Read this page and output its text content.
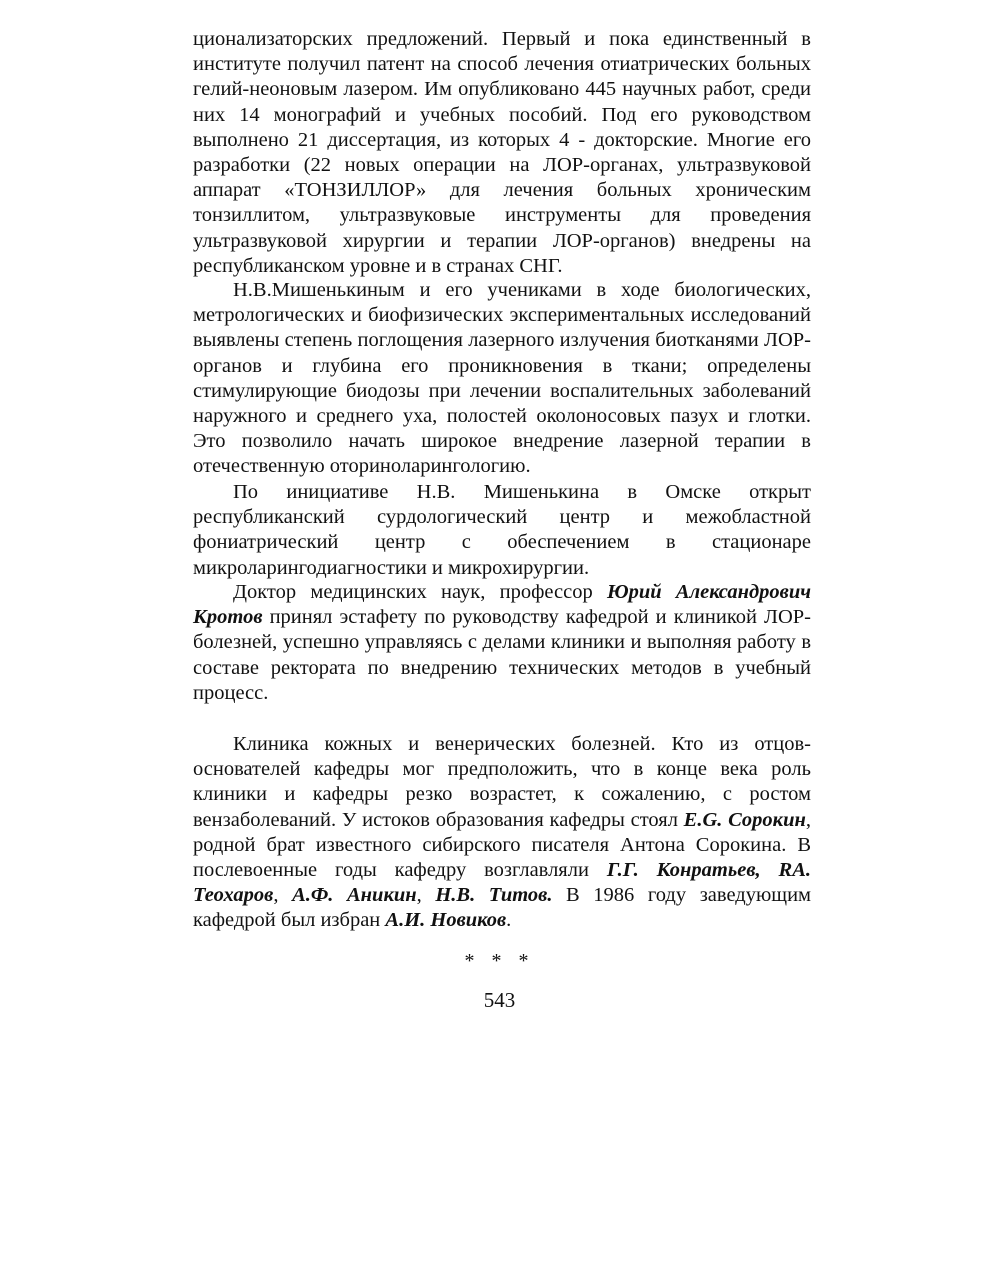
ционализаторских предложений. Первый и пока единственный в институте получил патент на способ лечения отиатрических больных гелий-неоновым лазером. Им опубликовано 445 научных работ, среди них 14 монографий и учебных пособий. Под его руководством выполнено 21 диссертация, из которых 4 - докторские. Многие его разработки (22 новых операции на ЛОР-органах, ультразвуковой аппарат «ТОНЗИЛЛОР» для лечения больных хроническим тонзиллитом, ультразвуковые инструменты для проведения ультразвуковой хирургии и терапии ЛОР-органов) внедрены на республиканском уровне и в странах СНГ.

Н.В.Мишенькиным и его учениками в ходе биологических, метрологических и биофизических экспериментальных исследований выявлены степень поглощения лазерного излучения биотканями ЛОР-органов и глубина его проникновения в ткани; определены стимулирующие биодозы при лечении воспалительных заболеваний наружного и среднего уха, полостей околоносовых пазух и глотки. Это позволило начать широкое внедрение лазерной терапии в отечественную оториноларингологию.

По инициативе Н.В. Мишенькина в Омске открыт республиканский сурдологический центр и межобластной фониатрический центр с обеспечением в стационаре микроларингодиагностики и микрохирургии.

Доктор медицинских наук, профессор Юрий Александрович Кротов принял эстафету по руководству кафедрой и клиникой ЛОР-болезней, успешно управляясь с делами клиники и выполняя работу в составе ректората по внедрению технических методов в учебный процесс.

Клиника кожных и венерических болезней. Кто из отцов-основателей кафедры мог предположить, что в конце века роль клиники и кафедры резко возрастет, к сожалению, с ростом вензаболеваний. У истоков образования кафедры стоял E.G. Сорокин, родной брат известного сибирского писателя Антона Сорокина. В послевоенные годы кафедру возглавляли Г.Г. Конратьев, RA. Теохаров, А.Ф. Аникин, Н.В. Титов. В 1986 году заведующим кафедрой был избран А.И. Новиков.

* * *
543
